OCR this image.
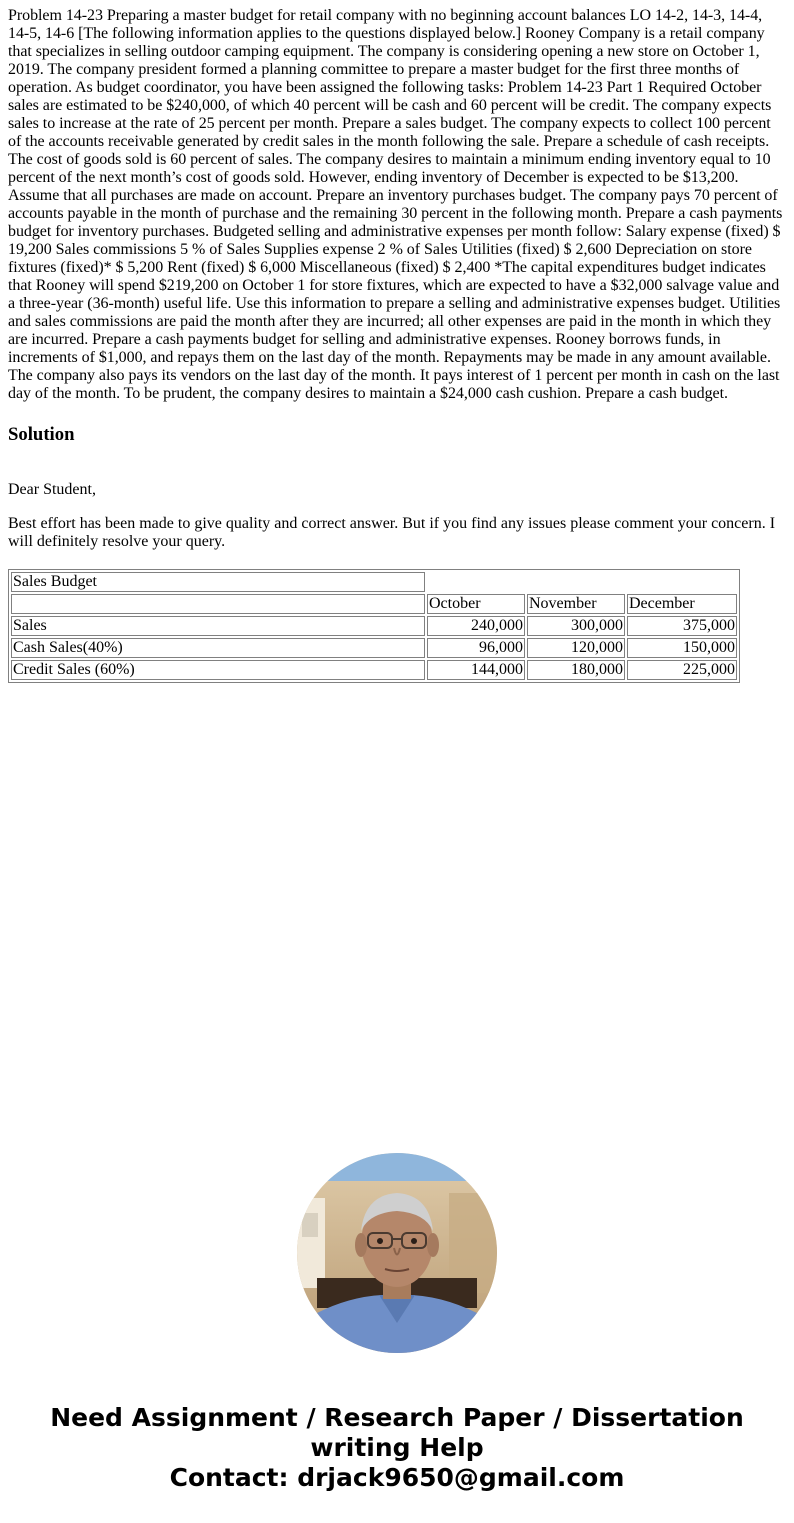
Problem 14-23 Preparing a master budget for retail company with no beginning account balances LO 14-2, 14-3, 14-4, 14-5, 14-6 [The following information applies to the questions displayed below.] Rooney Company is a retail company that specializes in selling outdoor camping equipment. The company is considering opening a new store on October 1, 2019. The company president formed a planning committee to prepare a master budget for the first three months of operation. As budget coordinator, you have been assigned the following tasks: Problem 14-23 Part 1 Required October sales are estimated to be $240,000, of which 40 percent will be cash and 60 percent will be credit. The company expects sales to increase at the rate of 25 percent per month. Prepare a sales budget. The company expects to collect 100 percent of the accounts receivable generated by credit sales in the month following the sale. Prepare a schedule of cash receipts. The cost of goods sold is 60 percent of sales. The company desires to maintain a minimum ending inventory equal to 10 percent of the next month’s cost of goods sold. However, ending inventory of December is expected to be $13,200. Assume that all purchases are made on account. Prepare an inventory purchases budget. The company pays 70 percent of accounts payable in the month of purchase and the remaining 30 percent in the following month. Prepare a cash payments budget for inventory purchases. Budgeted selling and administrative expenses per month follow: Salary expense (fixed) $ 19,200 Sales commissions 5 % of Sales Supplies expense 2 % of Sales Utilities (fixed) $ 2,600 Depreciation on store fixtures (fixed)* $ 5,200 Rent (fixed) $ 6,000 Miscellaneous (fixed) $ 2,400 *The capital expenditures budget indicates that Rooney will spend $219,200 on October 1 for store fixtures, which are expected to have a $32,000 salvage value and a three-year (36-month) useful life. Use this information to prepare a selling and administrative expenses budget. Utilities and sales commissions are paid the month after they are incurred; all other expenses are paid in the month in which they are incurred. Prepare a cash payments budget for selling and administrative expenses. Rooney borrows funds, in increments of $1,000, and repays them on the last day of the month. Repayments may be made in any amount available. The company also pays its vendors on the last day of the month. It pays interest of 1 percent per month in cash on the last day of the month. To be prudent, the company desires to maintain a $24,000 cash cushion. Prepare a cash budget.

Solution

Dear Student,

Best effort has been made to give quality and correct answer. But if you find any issues please comment your concern. I will definitely resolve your query.

Sales Budget			
	October	November	December
Sales	240,000	300,000	375,000
Cash Sales(40%)	96,000	120,000	150,000
Credit Sales (60%)	144,000	180,000	225,000
Need Assignment / Research Paper / Dissertation
writing Help
Contact: drjack9650@gmail.com
